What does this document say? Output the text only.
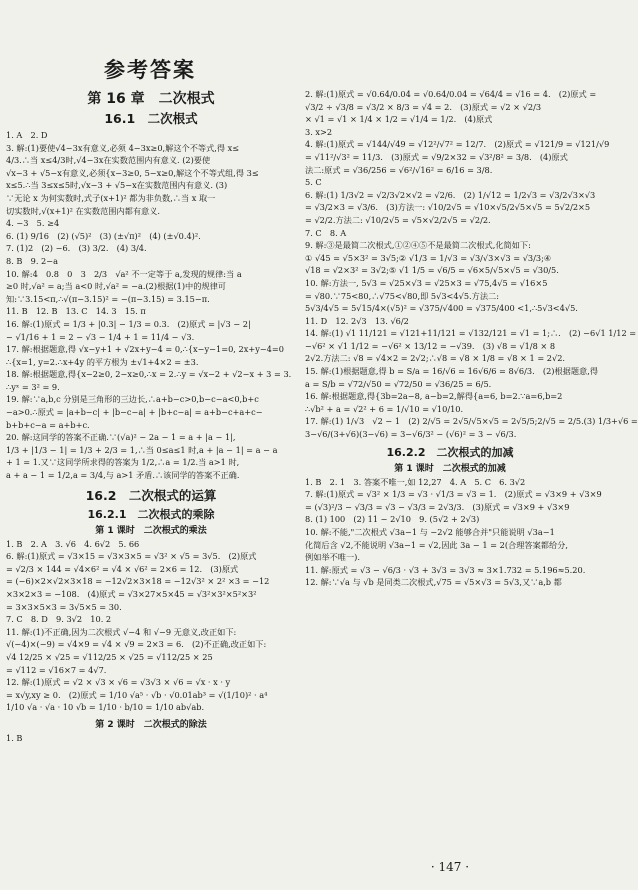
参考答案
第 16 章　二次根式
16.1　二次根式
1. A　2. D
3. 解:(1)要使√4−3x有意义,必须 4−3x≥0,解这个不等式,得 x≤
4/3.∴当 x≤4/3时,√4−3x在实数范围内有意义. (2)要使
√x−3 + √5−x有意义,必须{x−3≥0, 5−x≥0,解这个不等式组,得 3≤
x≤5.∴当 3≤x≤5时,√x−3 + √5−x在实数范围内有意义. (3)
∵无论 x 为何实数时,式子(x+1)² 都为非负数,∴当 x 取一
切实数时,√(x+1)² 在实数范围内都有意义.
4. −3　5. ≥4
6. (1) 9/16　(2) (√5)²　(3) (±√π)²　(4) (±√0.4)².
7. (1)2　(2) −6.　(3) 3/2.　(4) 3/4.
8. B　9. 2−a
10. 解:4　0.8　0　3　2/3　√a² 不一定等于 a,发现的规律:当 a
≥0 时,√a² = a;当 a<0 时,√a² = −a.(2)根据(1)中的规律可
知:∵3.15<π,∴√(π−3.15)² = −(π−3.15) = 3.15−π.
11. B　12. B　13. C　14. 3　15. π
16. 解:(1)原式 = 1/3 + |0.3| − 1/3 = 0.3.　(2)原式 = |√3 − 2|
− √1/16 + 1 = 2 − √3 − 1/4 + 1 = 11/4 − √3.
17. 解:根据题意,得 √x−y+1 + √2x+y−4 = 0,∴{x−y−1=0, 2x+y−4=0
∴{x=1, y=2.∴x+4y 的平方根为 ±√1+4×2 = ±3.
18. 解:根据题意,得{x−2≥0, 2−x≥0,∴x = 2.∴y = √x−2 + √2−x + 3 = 3.
∴yˣ = 3² = 9.
19. 解:∵a,b,c 分别是三角形的三边长,∴a+b−c>0,b−c−a<0,b+c
−a>0.∴原式 = |a+b−c| + |b−c−a| + |b+c−a| = a+b−c+a+c−
b+b+c−a = a+b+c.
20. 解:这同学的答案不正确.∵(√a)² − 2a − 1 = a + |a − 1|,
1/3 + |1/3 − 1| = 1/3 + 2/3 = 1,∴当 0≤a≤1 时,a + |a − 1| = a − a
+ 1 = 1.又∵这同学所求得的答案为 1/2,∴a = 1/2.当 a>1 时,
a + a − 1 = 1/2,a = 3/4,与 a>1 矛盾.∴该同学的答案不正确.
16.2　二次根式的运算
16.2.1　二次根式的乘除
第 1 课时　二次根式的乘法
1. B　2. A　3. √6　4. 6√2　5. 66
6. 解:(1)原式 = √3×15 = √3×3×5 = √3² × √5 = 3√5.　(2)原式
= √2/3 × 144 = √4×6² = √4 × √6² = 2×6 = 12.　(3)原式
= (−6)×2×√2×3×18 = −12√2×3×18 = −12√3² × 2² ×3 = −12
×3×2×3 = −108.　(4)原式 = √3×27×5×45 = √3²×3²×5²×3²
= 3×3×5×3 = 3√5×5 = 30.
7. C　8. D　9. 3√2　10. 2
11. 解:(1)不正确,因为二次根式 √−4 和 √−9 无意义,改正如下:
√(−4)×(−9) = √4×9 = √4 × √9 = 2×3 = 6.　(2)不正确,改正如下:
√4 12/25 × √25 = √112/25 × √25 = √112/25 × 25
= √112 = √16×7 = 4√7.
12. 解:(1)原式 = √2 × √3 × √6 = √3√3 × √6 = √x · x · y
= x√y,xy ≥ 0.　(2)原式 = 1/10 √a⁵ · √b · √0.01ab³ = √(1/10)² · a⁴
1/10 √a · √a · 10 √b = 1/10 · b/10 = 1/10 ab√ab.
第 2 课时　二次根式的除法
1. B
2. 解:(1)原式 = √0.64/0.04 = √0.64/0.04 = √64/4 = √16 = 4.　(2)原式 =
√3/2 ÷ √3/8 = √3/2 × 8/3 = √4 = 2.　(3)原式 = √2 × √2/3
× √1 = √1 × 1/4 × 1/2 = √1/4 = 1/2.　(4)原式
3. x>2
4. 解:(1)原式 = √144/√49 = √12²/√7² = 12/7.　(2)原式 = √121/9 = √121/√9
= √11²/√3² = 11/3.　(3)原式 = √9/2×32 = √3²/8² = 3/8.　(4)原式
法二:原式 = √36/256 = √6²/√16² = 6/16 = 3/8.
5. C
6. 解:(1) 1/3√2 = √2/3√2×√2 = √2/6.　(2) 1/√12 = 1/2√3 = √3/2√3×√3
= √3/2×3 = √3/6.　(3)方法一: √10/2√5 = √10×√5/2√5×√5 = 5√2/2×5
= √2/2.方法二: √10/2√5 = √5×√2/2√5 = √2/2.
7. C　8. A
9. 解:③是最简二次根式,①②④⑤不是最简二次根式,化简如下:
① √45 = √5×3² = 3√5;② √1/3 = 1/√3 = √3/√3×√3 = √3/3;④
√18 = √2×3² = 3√2;⑤ √1 1/5 = √6/5 = √6×5/√5×√5 = √30/5.
10. 解:方法一, 5√3 = √25×√3 = √25×3 = √75,4√5 = √16×5
= √80.∵75<80,∴√75<√80,即 5√3<4√5.方法二:
5√3/4√5 = 5√15/4×(√5)² = √375/√400 = √375/400 <1,∴5√3<4√5.
11. D　12. 2√3　13. √6/2
14. 解:(1) √1 11/121 = √121+11/121 = √132/121 = √1 = 1;∴.　(2) −6√1 1/12 =
−√6² × √1 1/12 = −√6² × 13/12 = −√39.　(3) √8 = √1/8 × 8
2√2.方法二: √8 = √4×2 = 2√2;∴√8 = √8 × 1/8 = √8 × 1 = 2√2.
15. 解:(1)根据题意,得 b = S/a = 16/√6 = 16√6/6 = 8√6/3.　(2)根据题意,得
a = S/b = √72/√50 = √72/50 = √36/25 = 6/5.
16. 解:根据题意,得{3b=2a−8, a−b=2,解得{a=6, b=2.∵a=6,b=2
∴√b² + a = √2² + 6 = 1/√10 = √10/10.
17. 解:(1) 1/√3　√2 − 1　(2) 2/√5 = 2√5/√5×√5 = 2√5/5;2/√5 = 2/5.(3) 1/3+√6 =
3−√6/(3+√6)(3−√6) = 3−√6/3² − (√6)² = 3 − √6/3.
16.2.2　二次根式的加减
第 1 课时　二次根式的加减
1. B　2. 1　3. 答案不唯一,如 12,27　4. A　5. C　6. 3√2
7. 解:(1)原式 = √3² × 1/3 = √3 · √1/3 = √3 = 1.　(2)原式 = √3×9 + √3×9
= (√3)²/3 − √3/3 = √3 − √3/3 = 2√3/3.　(3)原式 = √3×9 + √3×9
8. (1) 100　(2) 11 − 2√10　9. (5√2 + 2√3)
10. 解:不能,"二次根式 √3a−1 与 −2√2 能够合并"只能说明 √3a−1
化简后含 √2,不能说明 √3a−1 = √2,因此 3a − 1 = 2(合理答案都给分,
例如举不唯一).
11. 解:原式 = √3 − √6/3 · √3 + 3√3 = 3√3 ≈ 3×1.732 = 5.196≈5.20.
12. 解:∵√a 与 √b 是同类二次根式,√75 = √5×√3 = 5√3,又∵a,b 都
· 147 ·
